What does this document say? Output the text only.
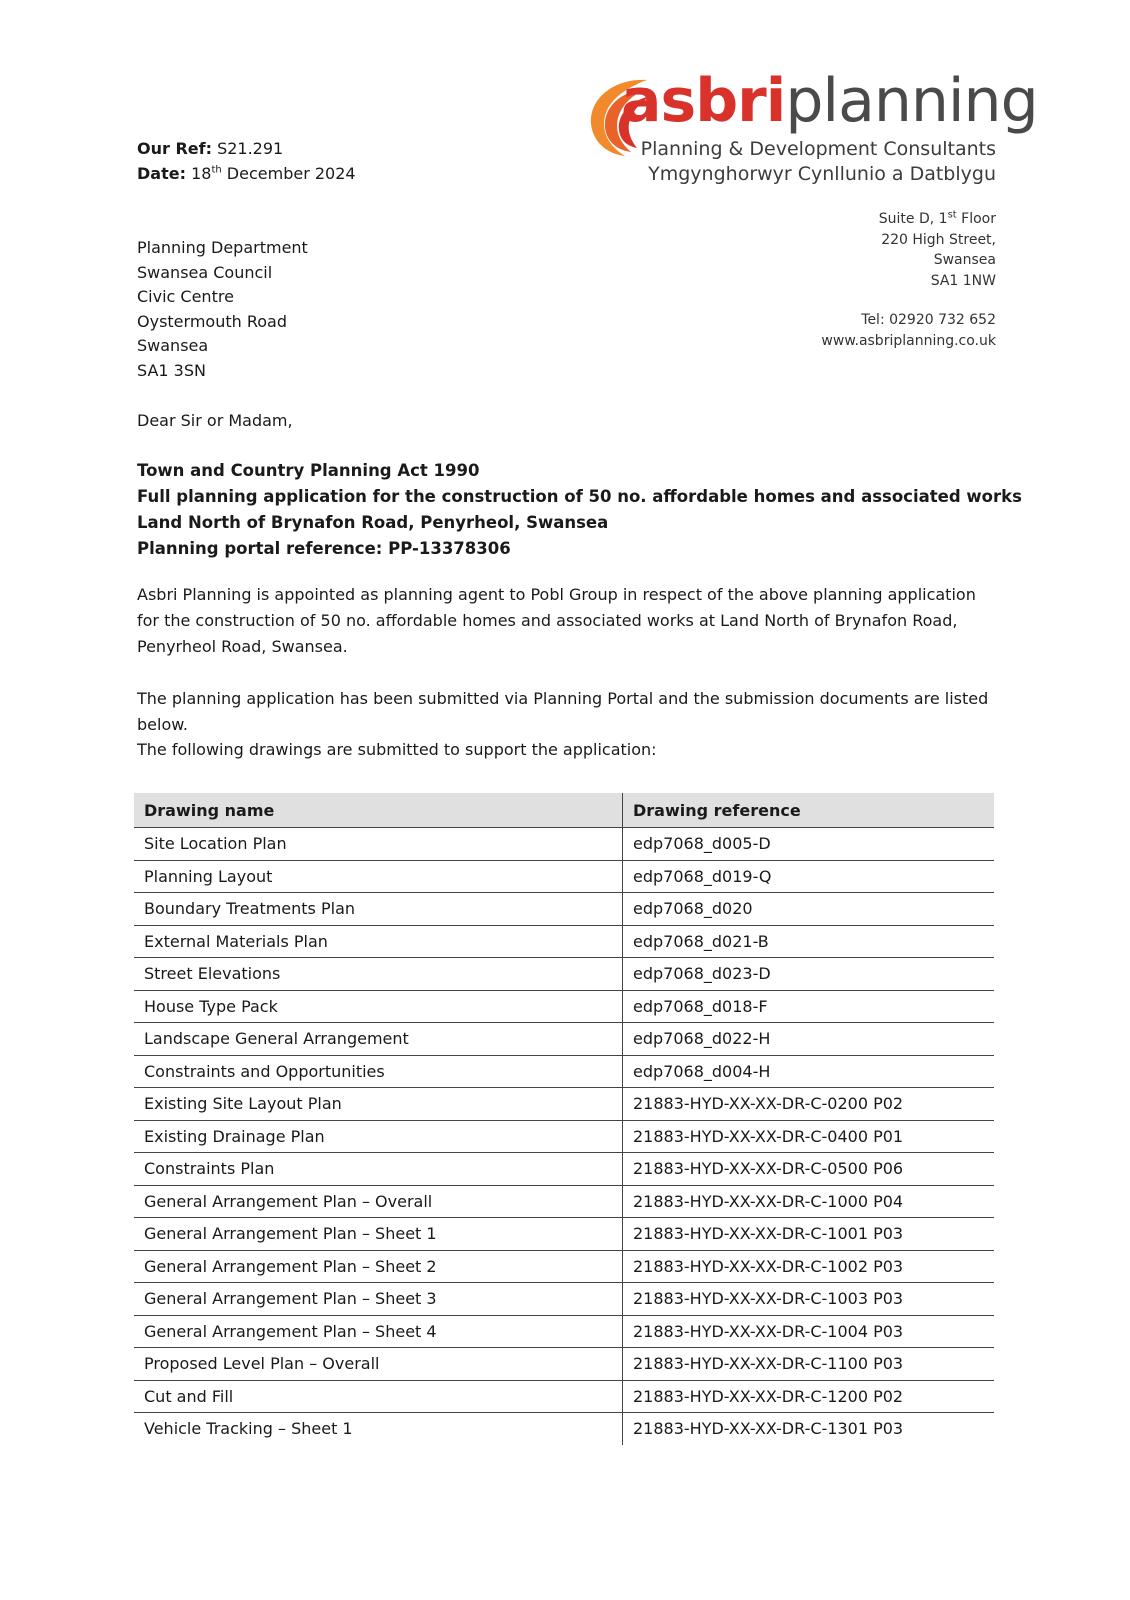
asbriplanning
Planning & Development Consultants
Ymgynghorwyr Cynllunio a Datblygu
Our Ref: S21.291
Date: 18th December 2024
Suite D, 1st Floor
220 High Street,
Swansea
SA1 1NW
Tel: 02920 732 652
www.asbriplanning.co.uk
Planning Department
Swansea Council
Civic Centre
Oystermouth Road
Swansea
SA1 3SN
Dear Sir or Madam,
Town and Country Planning Act 1990
Full planning application for the construction of 50 no. affordable homes and associated works
Land North of Brynafon Road, Penyrheol, Swansea
Planning portal reference: PP-13378306
Asbri Planning is appointed as planning agent to Pobl Group in respect of the above planning application for the construction of 50 no. affordable homes and associated works at Land North of Brynafon Road, Penyrheol Road, Swansea.
The planning application has been submitted via Planning Portal and the submission documents are listed below.
The following drawings are submitted to support the application:
Drawing name	Drawing reference
Site Location Plan	edp7068_d005-D
Planning Layout	edp7068_d019-Q
Boundary Treatments Plan	edp7068_d020
External Materials Plan	edp7068_d021-B
Street Elevations	edp7068_d023-D
House Type Pack	edp7068_d018-F
Landscape General Arrangement	edp7068_d022-H
Constraints and Opportunities	edp7068_d004-H
Existing Site Layout Plan	21883-HYD-XX-XX-DR-C-0200 P02
Existing Drainage Plan	21883-HYD-XX-XX-DR-C-0400 P01
Constraints Plan	21883-HYD-XX-XX-DR-C-0500 P06
General Arrangement Plan – Overall	21883-HYD-XX-XX-DR-C-1000 P04
General Arrangement Plan – Sheet 1	21883-HYD-XX-XX-DR-C-1001 P03
General Arrangement Plan – Sheet 2	21883-HYD-XX-XX-DR-C-1002 P03
General Arrangement Plan – Sheet 3	21883-HYD-XX-XX-DR-C-1003 P03
General Arrangement Plan – Sheet 4	21883-HYD-XX-XX-DR-C-1004 P03
Proposed Level Plan – Overall	21883-HYD-XX-XX-DR-C-1100 P03
Cut and Fill	21883-HYD-XX-XX-DR-C-1200 P02
Vehicle Tracking – Sheet 1	21883-HYD-XX-XX-DR-C-1301 P03
